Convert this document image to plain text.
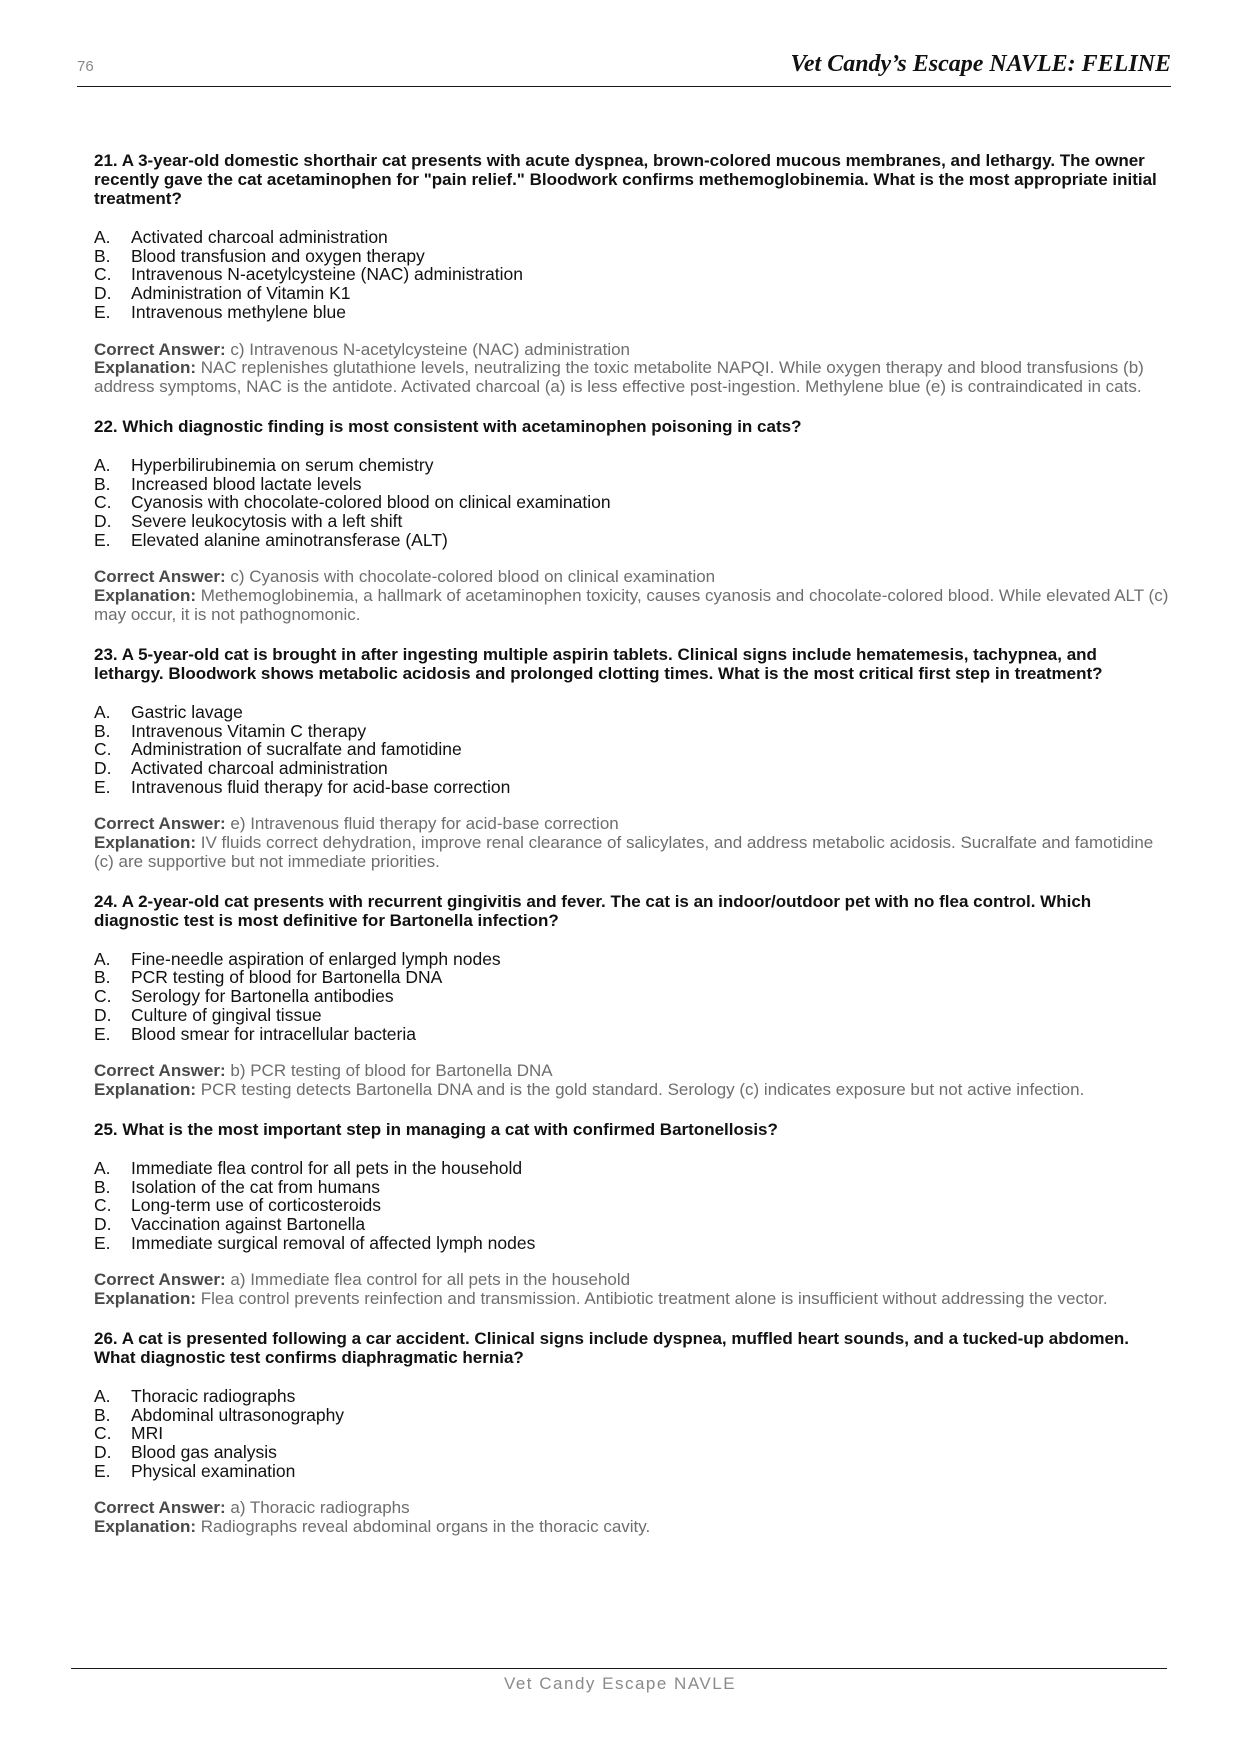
76	Vet Candy’s Escape NAVLE: FELINE
21. A 3-year-old domestic shorthair cat presents with acute dyspnea, brown-colored mucous membranes, and lethargy. The owner recently gave the cat acetaminophen for "pain relief." Bloodwork confirms methemoglobinemia. What is the most appropriate initial treatment?
A.	Activated charcoal administration
B.	Blood transfusion and oxygen therapy
C.	Intravenous N-acetylcysteine (NAC) administration
D.	Administration of Vitamin K1
E.	Intravenous methylene blue
Correct Answer: c) Intravenous N-acetylcysteine (NAC) administration
Explanation: NAC replenishes glutathione levels, neutralizing the toxic metabolite NAPQI. While oxygen therapy and blood transfusions (b) address symptoms, NAC is the antidote. Activated charcoal (a) is less effective post-ingestion. Methylene blue (e) is contraindicated in cats.
22. Which diagnostic finding is most consistent with acetaminophen poisoning in cats?
A.	Hyperbilirubinemia on serum chemistry
B.	Increased blood lactate levels
C.	Cyanosis with chocolate-colored blood on clinical examination
D.	Severe leukocytosis with a left shift
E.	Elevated alanine aminotransferase (ALT)
Correct Answer: c) Cyanosis with chocolate-colored blood on clinical examination
Explanation: Methemoglobinemia, a hallmark of acetaminophen toxicity, causes cyanosis and chocolate-colored blood. While elevated ALT (c) may occur, it is not pathognomonic.
23. A 5-year-old cat is brought in after ingesting multiple aspirin tablets. Clinical signs include hematemesis, tachypnea, and lethargy. Bloodwork shows metabolic acidosis and prolonged clotting times. What is the most critical first step in treatment?
A.	Gastric lavage
B.	Intravenous Vitamin C therapy
C.	Administration of sucralfate and famotidine
D.	Activated charcoal administration
E.	Intravenous fluid therapy for acid-base correction
Correct Answer: e) Intravenous fluid therapy for acid-base correction
Explanation: IV fluids correct dehydration, improve renal clearance of salicylates, and address metabolic acidosis. Sucralfate and famotidine (c) are supportive but not immediate priorities.
24. A 2-year-old cat presents with recurrent gingivitis and fever. The cat is an indoor/outdoor pet with no flea control. Which diagnostic test is most definitive for Bartonella infection?
A.	Fine-needle aspiration of enlarged lymph nodes
B.	PCR testing of blood for Bartonella DNA
C.	Serology for Bartonella antibodies
D.	Culture of gingival tissue
E.	Blood smear for intracellular bacteria
Correct Answer: b) PCR testing of blood for Bartonella DNA
Explanation: PCR testing detects Bartonella DNA and is the gold standard. Serology (c) indicates exposure but not active infection.
25. What is the most important step in managing a cat with confirmed Bartonellosis?
A.	Immediate flea control for all pets in the household
B.	Isolation of the cat from humans
C.	Long-term use of corticosteroids
D.	Vaccination against Bartonella
E.	Immediate surgical removal of affected lymph nodes
Correct Answer: a) Immediate flea control for all pets in the household
Explanation: Flea control prevents reinfection and transmission. Antibiotic treatment alone is insufficient without addressing the vector.
26. A cat is presented following a car accident. Clinical signs include dyspnea, muffled heart sounds, and a tucked-up abdomen. What diagnostic test confirms diaphragmatic hernia?
A.	Thoracic radiographs
B.	Abdominal ultrasonography
C.	MRI
D.	Blood gas analysis
E.	Physical examination
Correct Answer: a) Thoracic radiographs
Explanation: Radiographs reveal abdominal organs in the thoracic cavity.
Vet Candy Escape NAVLE
